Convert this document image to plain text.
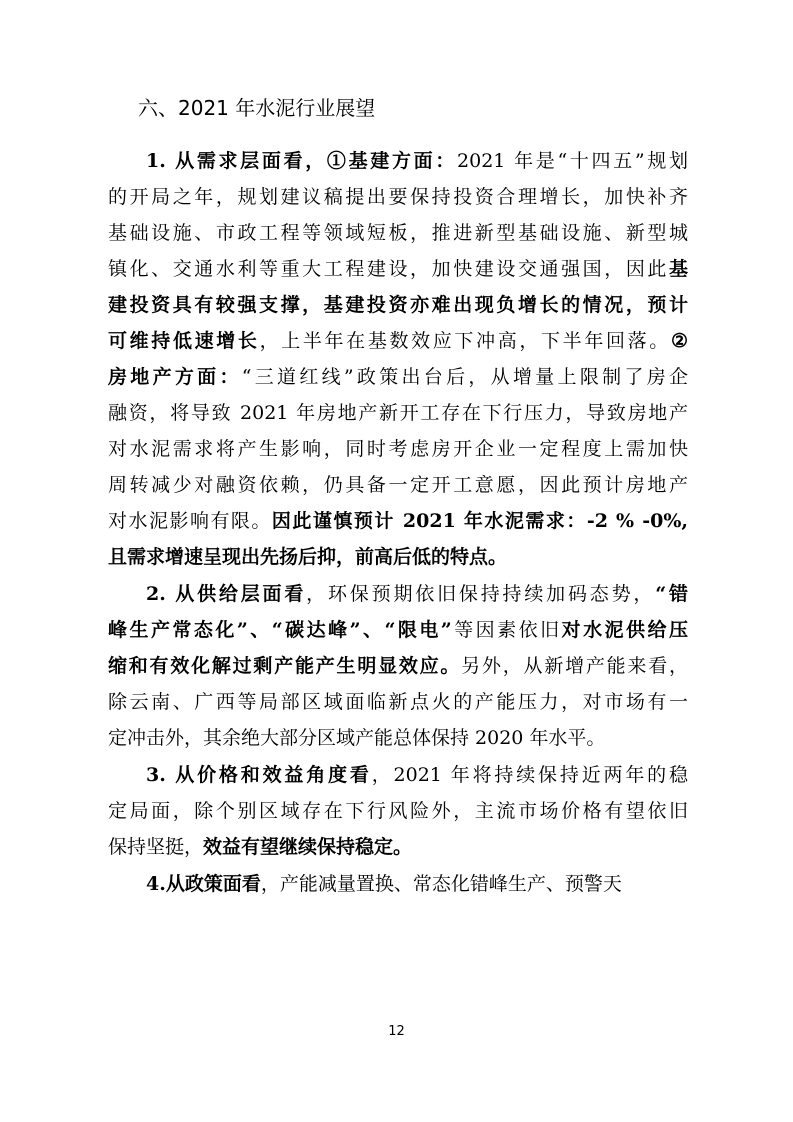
六、2021 年水泥行业展望
1. 从需求层面看，①基建方面：2021 年是“十四五”规划
的开局之年，规划建议稿提出要保持投资合理增长，加快补齐
基础设施、市政工程等领域短板，推进新型基础设施、新型城
镇化、交通水利等重大工程建设，加快建设交通强国，因此基
建投资具有较强支撑，基建投资亦难出现负增长的情况，预计
可维持低速增长，上半年在基数效应下冲高，下半年回落。②
房地产方面：“三道红线”政策出台后，从增量上限制了房企
融资，将导致 2021 年房地产新开工存在下行压力，导致房地产
对水泥需求将产生影响，同时考虑房开企业一定程度上需加快
周转减少对融资依赖，仍具备一定开工意愿，因此预计房地产
对水泥影响有限。因此谨慎预计 2021 年水泥需求：-2 % -0%,
且需求增速呈现出先扬后抑，前高后低的特点。
2. 从供给层面看，环保预期依旧保持持续加码态势，“错
峰生产常态化”、“碳达峰”、“限电”等因素依旧对水泥供给压
缩和有效化解过剩产能产生明显效应。另外，从新增产能来看，
除云南、广西等局部区域面临新点火的产能压力，对市场有一
定冲击外，其余绝大部分区域产能总体保持 2020 年水平。
3. 从价格和效益角度看，2021 年将持续保持近两年的稳
定局面，除个别区域存在下行风险外，主流市场价格有望依旧
保持坚挺，效益有望继续保持稳定。
4.从政策面看，产能减量置换、常态化错峰生产、预警天
12
